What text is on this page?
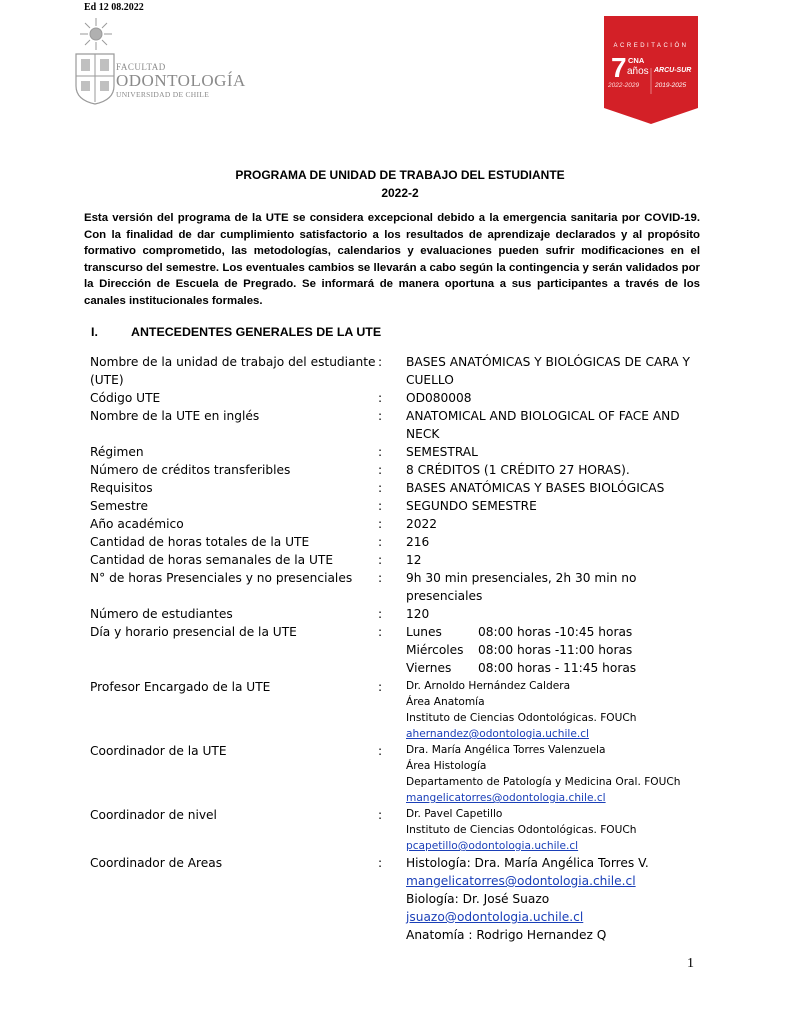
Ed 12 08.2022
FACULTAD
ODONTOLOGÍA
UNIVERSIDAD DE CHILE
ACREDITACIÓN
7 CNA
años
2022-2029
ARCU-SUR
2019-2025
PROGRAMA DE UNIDAD DE TRABAJO DEL ESTUDIANTE
2022-2
Esta versión del programa de la UTE se considera excepcional debido a la emergencia sanitaria por COVID-19. Con la finalidad de dar cumplimiento satisfactorio a los resultados de aprendizaje declarados y al propósito formativo comprometido, las metodologías, calendarios y evaluaciones pueden sufrir modificaciones en el transcurso del semestre. Los eventuales cambios se llevarán a cabo según la contingencia y serán validados por la Dirección de Escuela de Pregrado. Se informará de manera oportuna a sus participantes a través de los canales institucionales formales.
I.	ANTECEDENTES GENERALES DE LA UTE
Nombre de la unidad de trabajo del estudiante (UTE)
:	BASES ANATÓMICAS Y BIOLÓGICAS DE CARA Y CUELLO
Código UTE	:	OD080008
Nombre de la UTE en inglés	:	ANATOMICAL AND BIOLOGICAL OF FACE AND NECK
Régimen	:	SEMESTRAL
Número de créditos transferibles	:	8 CRÉDITOS (1 CRÉDITO 27 HORAS).
Requisitos	:	BASES ANATÓMICAS Y BASES BIOLÓGICAS
Semestre	:	SEGUNDO SEMESTRE
Año académico	:	2022
Cantidad de horas totales de la UTE	:	216
Cantidad de horas semanales de la UTE	:	12
N° de horas Presenciales y no presenciales	:	9h 30 min presenciales, 2h 30 min no presenciales
Número de estudiantes	:	120
Día y horario presencial de la UTE	:	Lunes	08:00 horas -10:45 horas
Miércoles	08:00 horas -11:00 horas
Viernes	08:00 horas - 11:45 horas
Profesor Encargado de la UTE	:	Dr. Arnoldo Hernández Caldera
Área Anatomía
Instituto de Ciencias Odontológicas. FOUCh
ahernandez@odontologia.uchile.cl
Coordinador de la UTE	:	Dra. María Angélica Torres Valenzuela
Área Histología
Departamento de Patología y Medicina Oral. FOUCh
mangelicatorres@odontologia.chile.cl
Coordinador de nivel	:	Dr. Pavel Capetillo
Instituto de Ciencias Odontológicas. FOUCh
pcapetillo@odontologia.uchile.cl
Coordinador de Areas	:	Histología: Dra. María Angélica Torres V.
mangelicatorres@odontologia.chile.cl
Biología: Dr. José Suazo
jsuazo@odontologia.uchile.cl
Anatomía : Rodrigo Hernandez Q
1
